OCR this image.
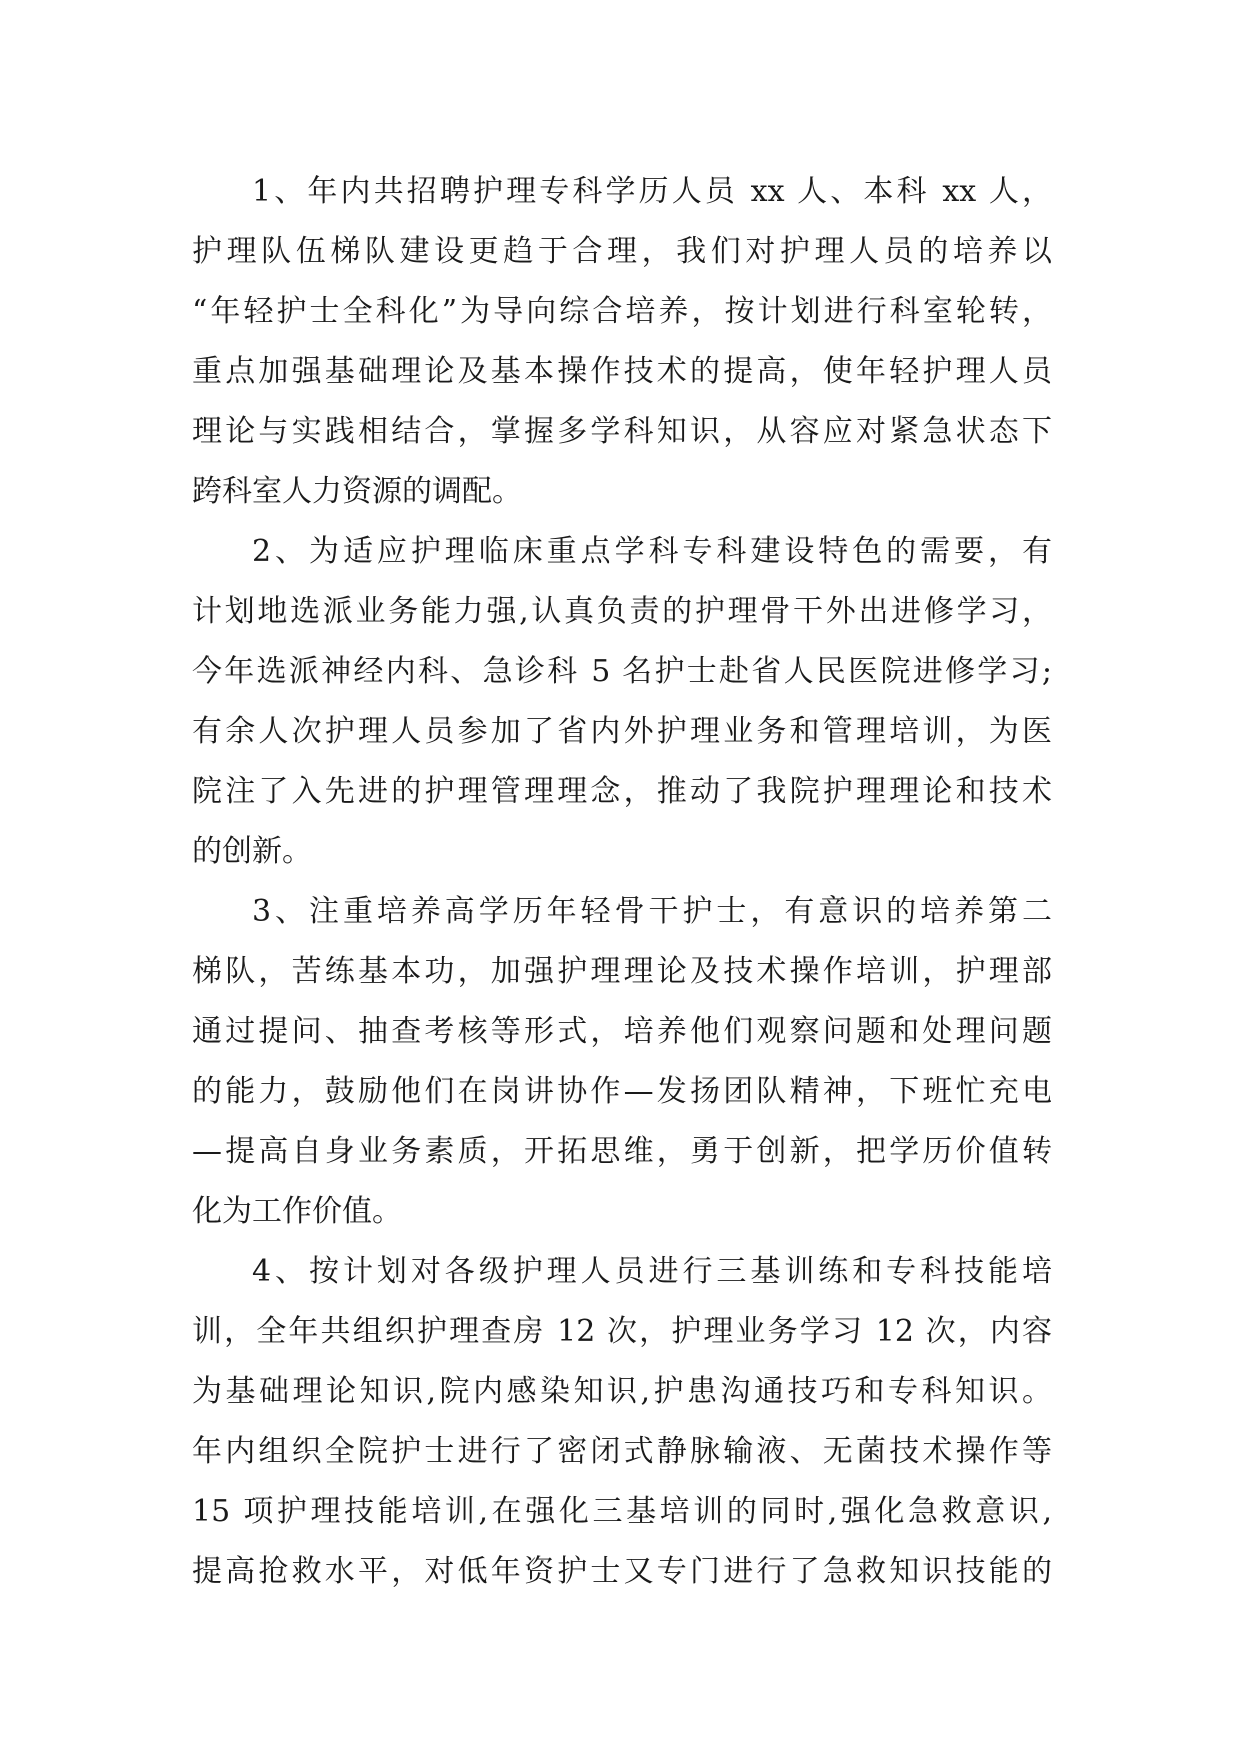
1、年内共招聘护理专科学历人员 xx 人、本科 xx 人，
护理队伍梯队建设更趋于合理，我们对护理人员的培养以
“年轻护士全科化”为导向综合培养，按计划进行科室轮转，
重点加强基础理论及基本操作技术的提高，使年轻护理人员
理论与实践相结合，掌握多学科知识，从容应对紧急状态下
跨科室人力资源的调配。
2、为适应护理临床重点学科专科建设特色的需要，有
计划地选派业务能力强,认真负责的护理骨干外出进修学习，
今年选派神经内科、急诊科 5 名护士赴省人民医院进修学习;
有余人次护理人员参加了省内外护理业务和管理培训，为医
院注了入先进的护理管理理念，推动了我院护理理论和技术
的创新。
3、注重培养高学历年轻骨干护士，有意识的培养第二
梯队，苦练基本功，加强护理理论及技术操作培训，护理部
通过提问、抽查考核等形式，培养他们观察问题和处理问题
的能力，鼓励他们在岗讲协作—发扬团队精神，下班忙充电
—提高自身业务素质，开拓思维，勇于创新，把学历价值转
化为工作价值。
4、按计划对各级护理人员进行三基训练和专科技能培
训，全年共组织护理查房 12 次，护理业务学习 12 次，内容
为基础理论知识,院内感染知识,护患沟通技巧和专科知识。
年内组织全院护士进行了密闭式静脉输液、无菌技术操作等
15 项护理技能培训,在强化三基培训的同时,强化急救意识,
提高抢救水平，对低年资护士又专门进行了急救知识技能的
